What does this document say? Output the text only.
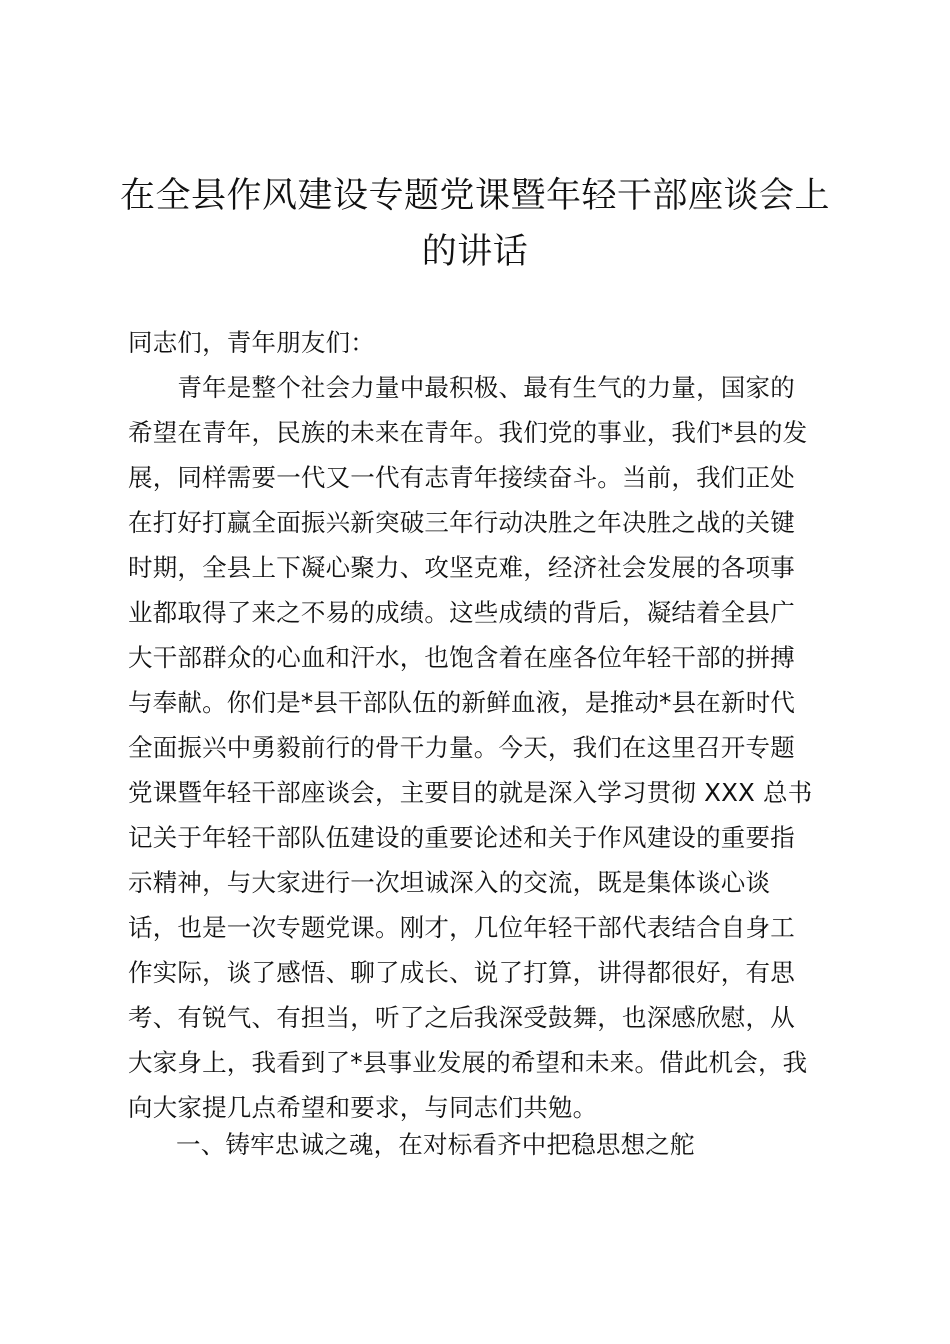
在全县作风建设专题党课暨年轻干部座谈会上
的讲话

同志们，青年朋友们：

　　青年是整个社会力量中最积极、最有生气的力量，国家的
希望在青年，民族的未来在青年。我们党的事业，我们*县的发
展，同样需要一代又一代有志青年接续奋斗。当前，我们正处
在打好打赢全面振兴新突破三年行动决胜之年决胜之战的关键
时期，全县上下凝心聚力、攻坚克难，经济社会发展的各项事
业都取得了来之不易的成绩。这些成绩的背后，凝结着全县广
大干部群众的心血和汗水，也饱含着在座各位年轻干部的拼搏
与奉献。你们是*县干部队伍的新鲜血液，是推动*县在新时代
全面振兴中勇毅前行的骨干力量。今天，我们在这里召开专题
党课暨年轻干部座谈会，主要目的就是深入学习贯彻 XXX 总书
记关于年轻干部队伍建设的重要论述和关于作风建设的重要指
示精神，与大家进行一次坦诚深入的交流，既是集体谈心谈
话，也是一次专题党课。刚才，几位年轻干部代表结合自身工
作实际，谈了感悟、聊了成长、说了打算，讲得都很好，有思
考、有锐气、有担当，听了之后我深受鼓舞，也深感欣慰，从
大家身上，我看到了*县事业发展的希望和未来。借此机会，我
向大家提几点希望和要求，与同志们共勉。

一、铸牢忠诚之魂，在对标看齐中把稳思想之舵
